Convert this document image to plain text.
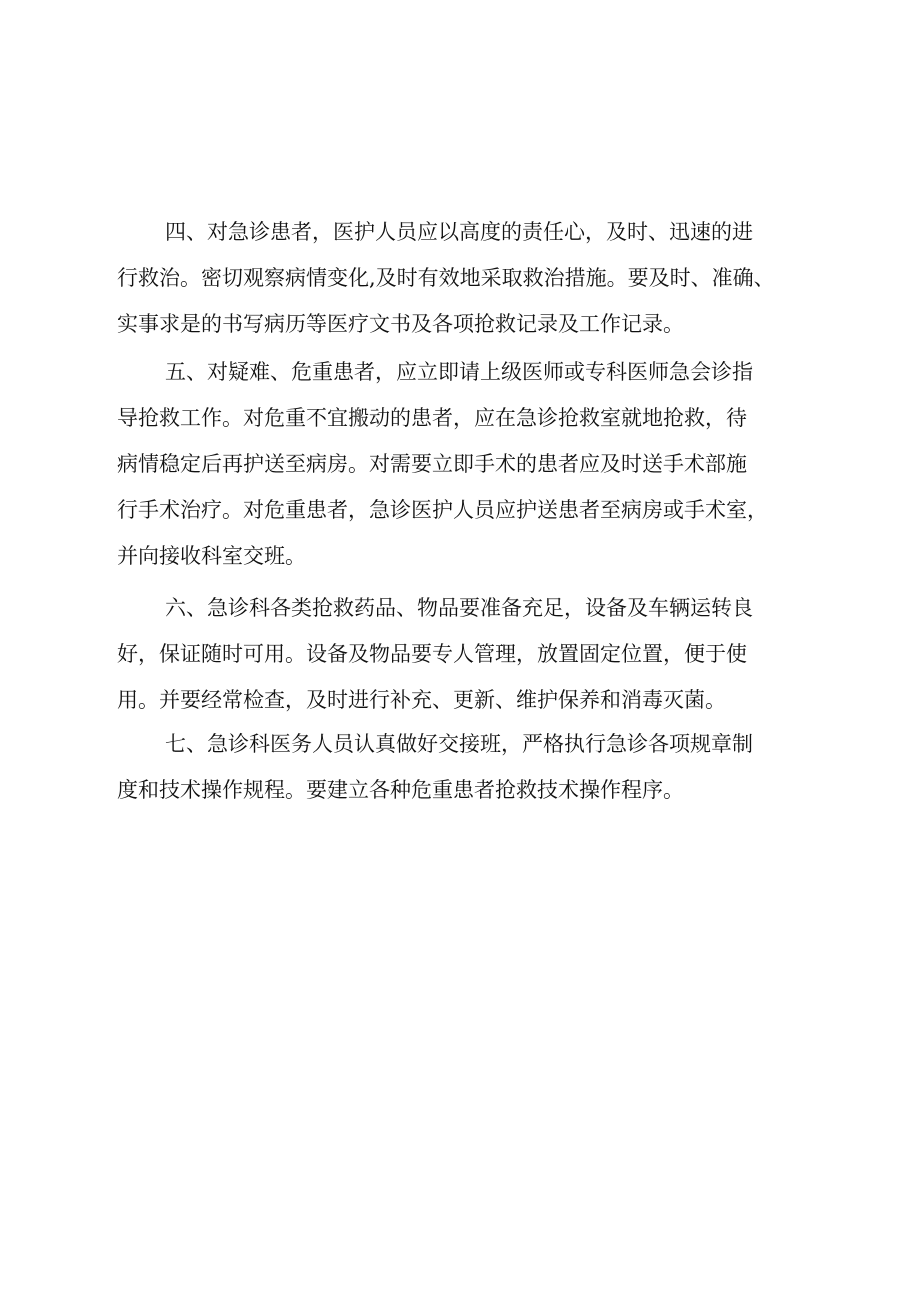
四、对急诊患者，医护人员应以高度的责任心，及时、迅速的进
行救治。密切观察病情变化,及时有效地采取救治措施。要及时、准确、
实事求是的书写病历等医疗文书及各项抢救记录及工作记录。
五、对疑难、危重患者，应立即请上级医师或专科医师急会诊指
导抢救工作。对危重不宜搬动的患者，应在急诊抢救室就地抢救，待
病情稳定后再护送至病房。对需要立即手术的患者应及时送手术部施
行手术治疗。对危重患者，急诊医护人员应护送患者至病房或手术室，
并向接收科室交班。
六、急诊科各类抢救药品、物品要准备充足，设备及车辆运转良
好，保证随时可用。设备及物品要专人管理，放置固定位置，便于使
用。并要经常检查，及时进行补充、更新、维护保养和消毒灭菌。
七、急诊科医务人员认真做好交接班，严格执行急诊各项规章制
度和技术操作规程。要建立各种危重患者抢救技术操作程序。
